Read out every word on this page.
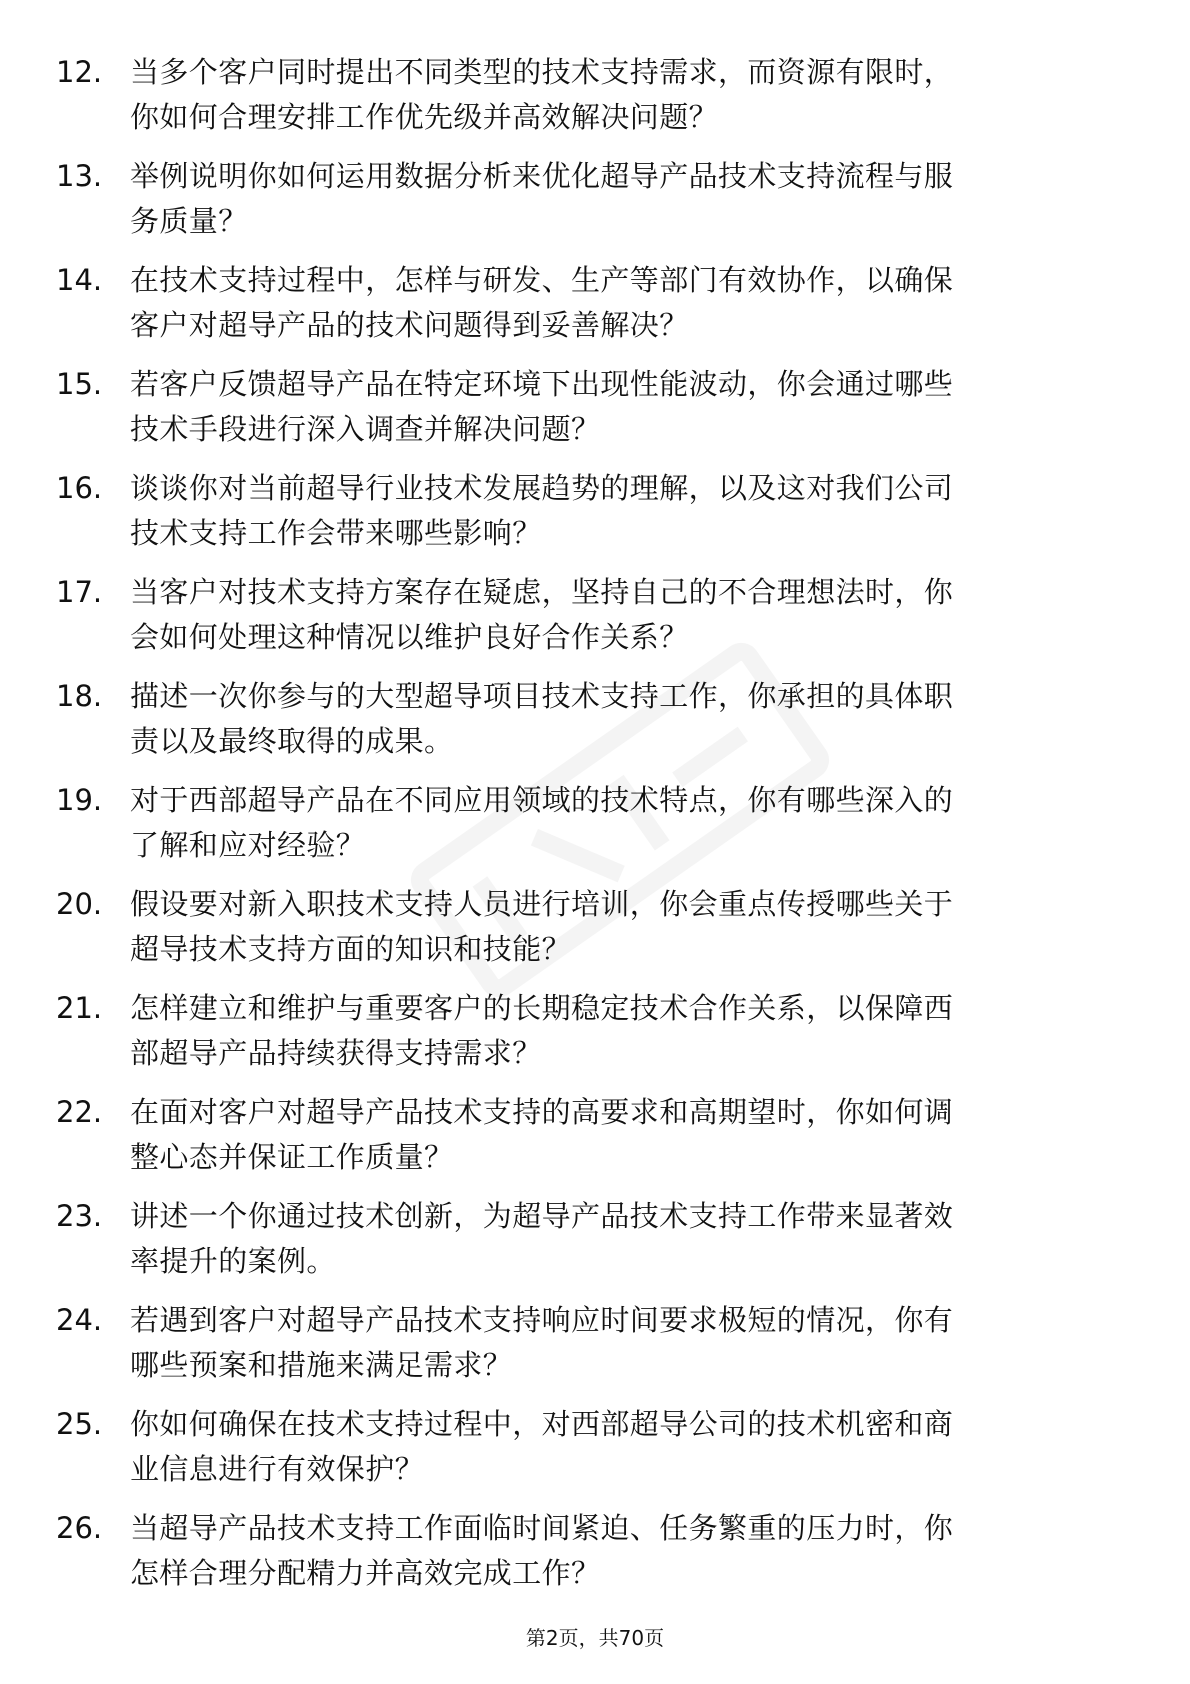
12. 当多个客户同时提出不同类型的技术支持需求，而资源有限时，
你如何合理安排工作优先级并高效解决问题？
13. 举例说明你如何运用数据分析来优化超导产品技术支持流程与服
务质量？
14. 在技术支持过程中，怎样与研发、生产等部门有效协作，以确保
客户对超导产品的技术问题得到妥善解决？
15. 若客户反馈超导产品在特定环境下出现性能波动，你会通过哪些
技术手段进行深入调查并解决问题？
16. 谈谈你对当前超导行业技术发展趋势的理解，以及这对我们公司
技术支持工作会带来哪些影响？
17. 当客户对技术支持方案存在疑虑，坚持自己的不合理想法时，你
会如何处理这种情况以维护良好合作关系？
18. 描述一次你参与的大型超导项目技术支持工作，你承担的具体职
责以及最终取得的成果。
19. 对于西部超导产品在不同应用领域的技术特点，你有哪些深入的
了解和应对经验？
20. 假设要对新入职技术支持人员进行培训，你会重点传授哪些关于
超导技术支持方面的知识和技能？
21. 怎样建立和维护与重要客户的长期稳定技术合作关系，以保障西
部超导产品持续获得支持需求？
22. 在面对客户对超导产品技术支持的高要求和高期望时，你如何调
整心态并保证工作质量？
23. 讲述一个你通过技术创新，为超导产品技术支持工作带来显著效
率提升的案例。
24. 若遇到客户对超导产品技术支持响应时间要求极短的情况，你有
哪些预案和措施来满足需求？
25. 你如何确保在技术支持过程中，对西部超导公司的技术机密和商
业信息进行有效保护？
26. 当超导产品技术支持工作面临时间紧迫、任务繁重的压力时，你
怎样合理分配精力并高效完成工作？
第2页，共70页
